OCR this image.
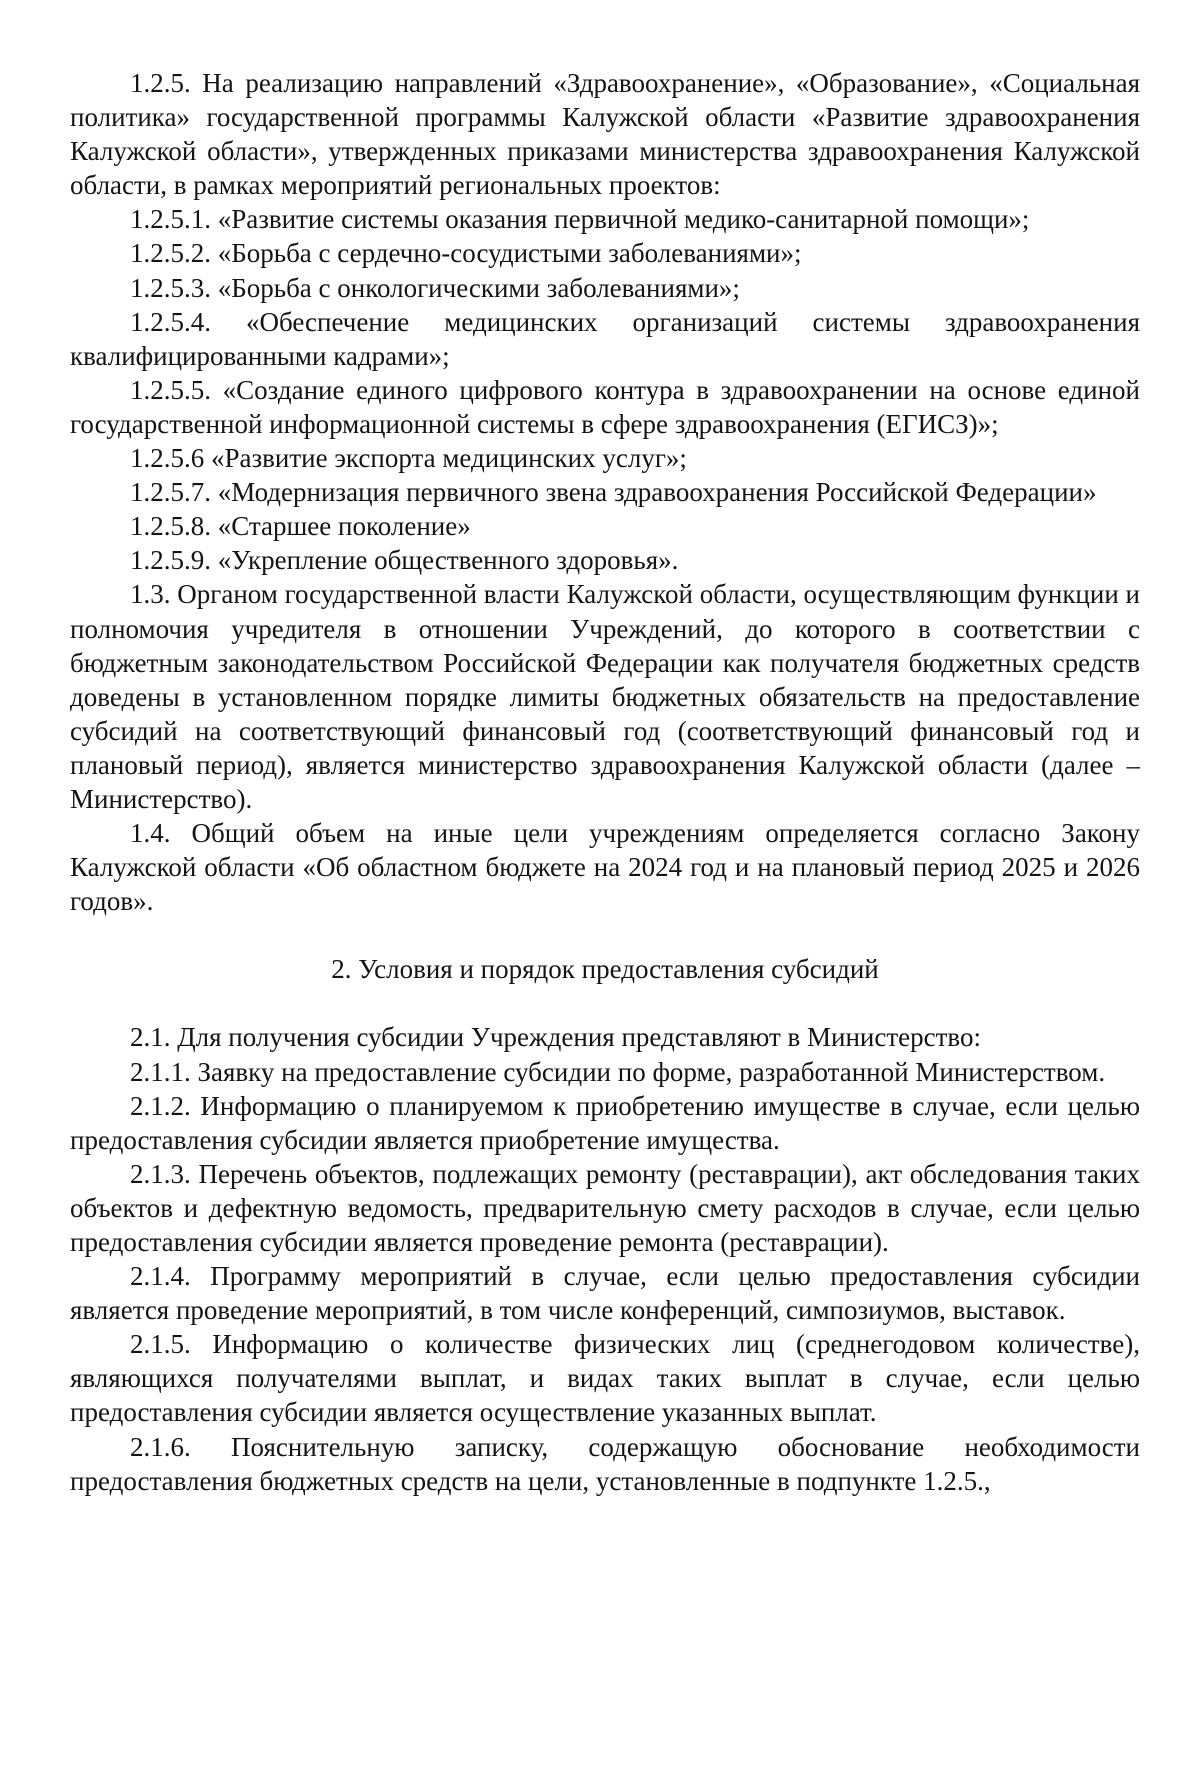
1.2.5. На реализацию направлений «Здравоохранение», «Образование», «Социальная политика» государственной программы Калужской области «Развитие здравоохранения Калужской области», утвержденных приказами министерства здравоохранения Калужской области, в рамках мероприятий региональных проектов:

1.2.5.1. «Развитие системы оказания первичной медико-санитарной помощи»;

1.2.5.2. «Борьба с сердечно-сосудистыми заболеваниями»;

1.2.5.3. «Борьба с онкологическими заболеваниями»;

1.2.5.4. «Обеспечение медицинских организаций системы здравоохранения квалифицированными кадрами»;

1.2.5.5. «Создание единого цифрового контура в здравоохранении на основе единой государственной информационной системы в сфере здравоохранения (ЕГИСЗ)»;

1.2.5.6 «Развитие экспорта медицинских услуг»;

1.2.5.7. «Модернизация первичного звена здравоохранения Российской Федерации»

1.2.5.8. «Старшее поколение»

1.2.5.9. «Укрепление общественного здоровья».

1.3. Органом государственной власти Калужской области, осуществляющим функции и полномочия учредителя в отношении Учреждений, до которого в соответствии с бюджетным законодательством Российской Федерации как получателя бюджетных средств доведены в установленном порядке лимиты бюджетных обязательств на предоставление субсидий на соответствующий финансовый год (соответствующий финансовый год и плановый период), является министерство здравоохранения Калужской области (далее – Министерство).

1.4. Общий объем на иные цели учреждениям определяется согласно Закону Калужской области «Об областном бюджете на 2024 год и на плановый период 2025 и 2026 годов».

2. Условия и порядок предоставления субсидий

2.1. Для получения субсидии Учреждения представляют в Министерство:

2.1.1. Заявку на предоставление субсидии по форме, разработанной Министерством.

2.1.2. Информацию о планируемом к приобретению имуществе в случае, если целью предоставления субсидии является приобретение имущества.

2.1.3. Перечень объектов, подлежащих ремонту (реставрации), акт обследования таких объектов и дефектную ведомость, предварительную смету расходов в случае, если целью предоставления субсидии является проведение ремонта (реставрации).

2.1.4. Программу мероприятий в случае, если целью предоставления субсидии является проведение мероприятий, в том числе конференций, симпозиумов, выставок.

2.1.5. Информацию о количестве физических лиц (среднегодовом количестве), являющихся получателями выплат, и видах таких выплат в случае, если целью предоставления субсидии является осуществление указанных выплат.

2.1.6. Пояснительную записку, содержащую обоснование необходимости предоставления бюджетных средств на цели, установленные в подпункте 1.2.5.,
